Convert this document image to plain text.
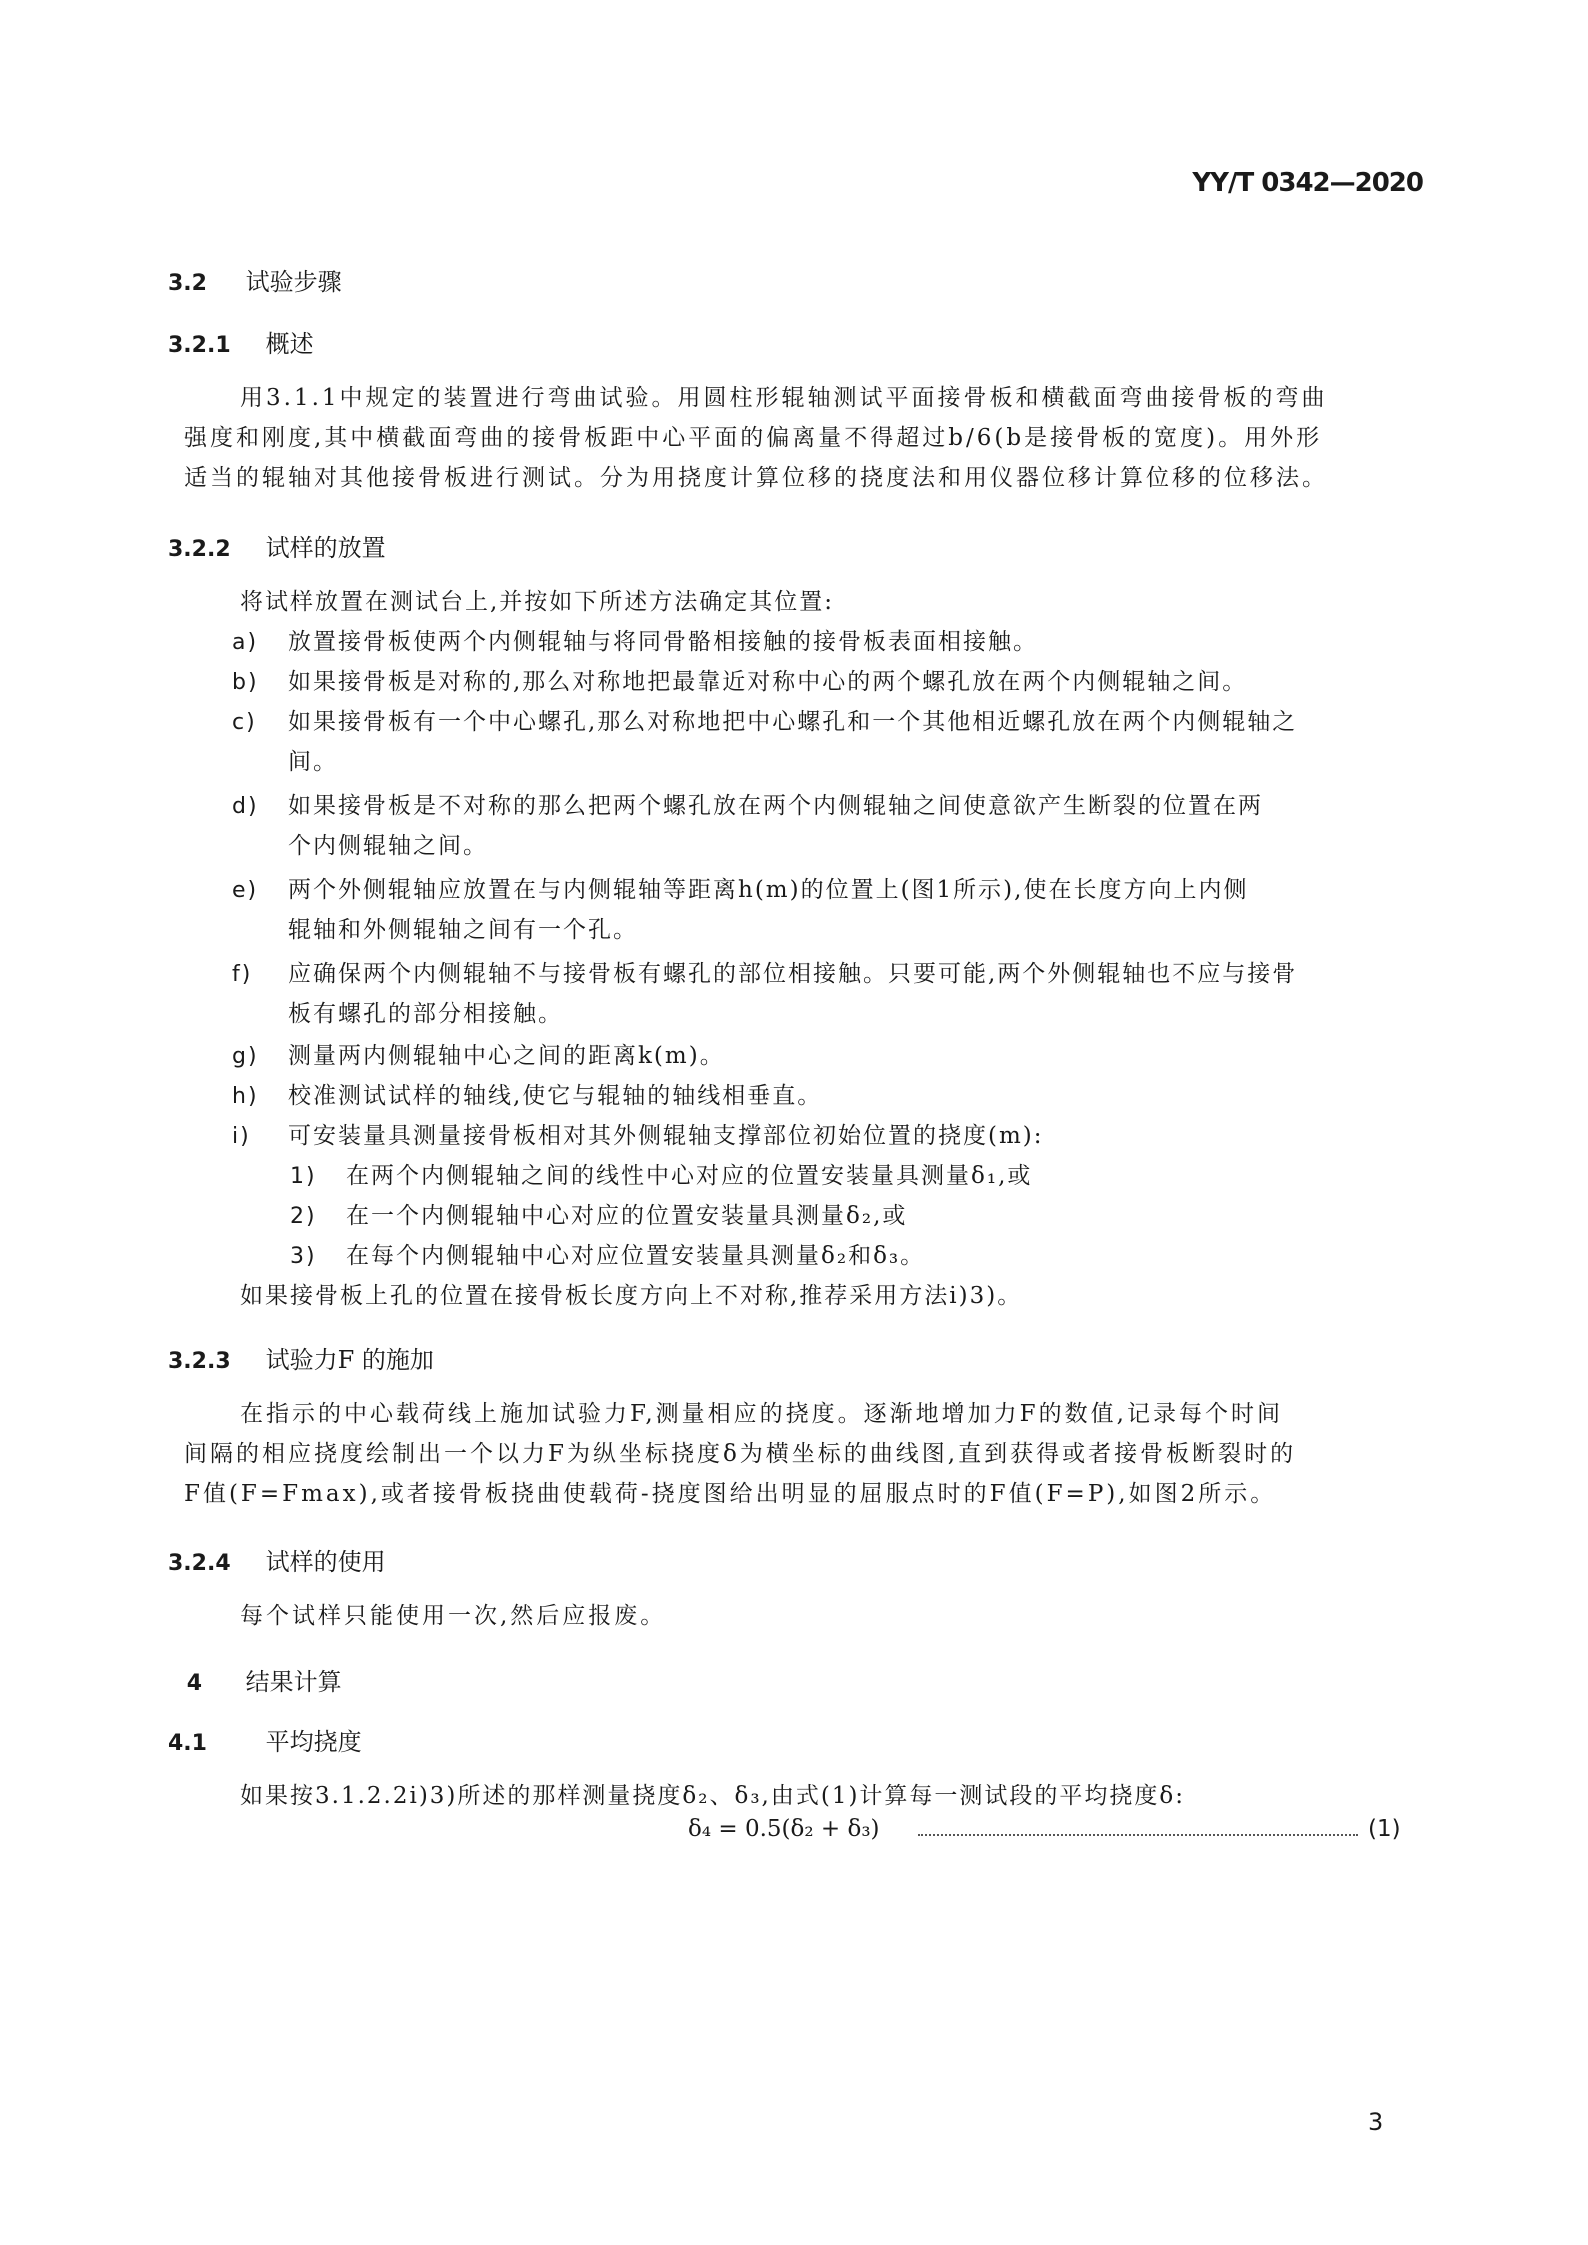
YY/T 0342—2020
3.2 试验步骤
3.2.1 概述
用3.1.1中规定的装置进行弯曲试验。用圆柱形辊轴测试平面接骨板和横截面弯曲接骨板的弯曲
强度和刚度,其中横截面弯曲的接骨板距中心平面的偏离量不得超过b/6(b是接骨板的宽度)。用外形
适当的辊轴对其他接骨板进行测试。分为用挠度计算位移的挠度法和用仪器位移计算位移的位移法。
3.2.2 试样的放置
将试样放置在测试台上,并按如下所述方法确定其位置:
a) 放置接骨板使两个内侧辊轴与将同骨骼相接触的接骨板表面相接触。
b) 如果接骨板是对称的,那么对称地把最靠近对称中心的两个螺孔放在两个内侧辊轴之间。
c) 如果接骨板有一个中心螺孔,那么对称地把中心螺孔和一个其他相近螺孔放在两个内侧辊轴之
间。
d) 如果接骨板是不对称的那么把两个螺孔放在两个内侧辊轴之间使意欲产生断裂的位置在两
个内侧辊轴之间。
e) 两个外侧辊轴应放置在与内侧辊轴等距离h(m)的位置上(图1所示),使在长度方向上内侧
辊轴和外侧辊轴之间有一个孔。
f) 应确保两个内侧辊轴不与接骨板有螺孔的部位相接触。只要可能,两个外侧辊轴也不应与接骨
板有螺孔的部分相接触。
g) 测量两内侧辊轴中心之间的距离k(m)。
h) 校准测试试样的轴线,使它与辊轴的轴线相垂直。
i) 可安装量具测量接骨板相对其外侧辊轴支撑部位初始位置的挠度(m):
1) 在两个内侧辊轴之间的线性中心对应的位置安装量具测量δ₁,或
2) 在一个内侧辊轴中心对应的位置安装量具测量δ₂,或
3) 在每个内侧辊轴中心对应位置安装量具测量δ₂和δ₃。
如果接骨板上孔的位置在接骨板长度方向上不对称,推荐采用方法i)3)。
3.2.3 试验力F 的施加
在指示的中心载荷线上施加试验力F,测量相应的挠度。逐渐地增加力F的数值,记录每个时间
间隔的相应挠度绘制出一个以力F为纵坐标挠度δ为横坐标的曲线图,直到获得或者接骨板断裂时的
F值(F=Fmax),或者接骨板挠曲使载荷-挠度图给出明显的屈服点时的F值(F=P),如图2所示。
3.2.4 试样的使用
每个试样只能使用一次,然后应报废。
4 结果计算
4.1 平均挠度
如果按3.1.2.2i)3)所述的那样测量挠度δ₂、δ₃,由式(1)计算每一测试段的平均挠度δ:
δ₄ = 0.5(δ₂ + δ₃)	(1)
3
